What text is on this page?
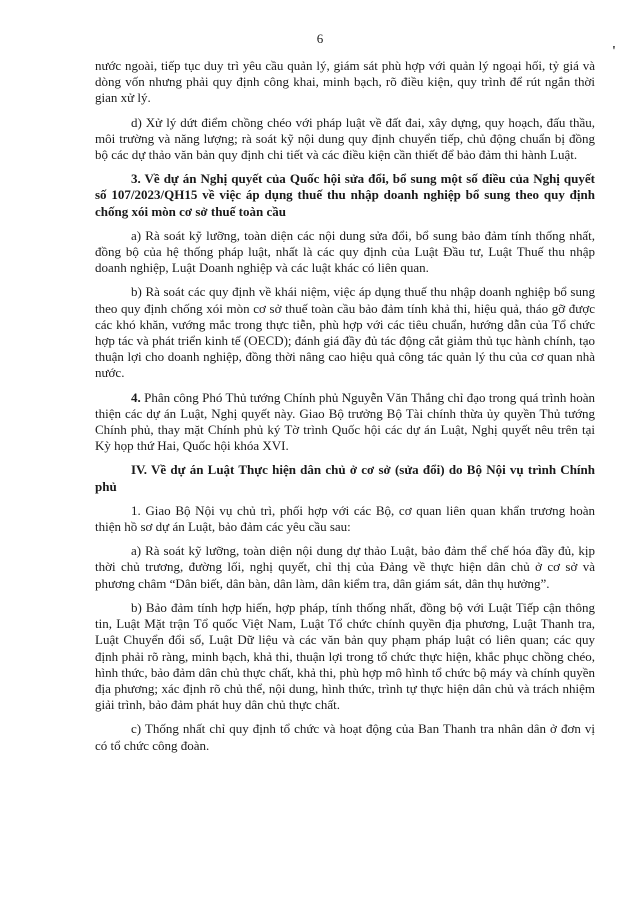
6
'

nước ngoài, tiếp tục duy trì yêu cầu quản lý, giám sát phù hợp với quản lý ngoại hối, tỷ giá và dòng vốn nhưng phải quy định công khai, minh bạch, rõ điều kiện, quy trình để rút ngắn thời gian xử lý.

d) Xử lý dứt điểm chồng chéo với pháp luật về đất đai, xây dựng, quy hoạch, đấu thầu, môi trường và năng lượng; rà soát kỹ nội dung quy định chuyển tiếp, chủ động chuẩn bị đồng bộ các dự thảo văn bản quy định chi tiết và các điều kiện cần thiết để bảo đảm thi hành Luật.

3. Về dự án Nghị quyết của Quốc hội sửa đổi, bổ sung một số điều của Nghị quyết số 107/2023/QH15 về việc áp dụng thuế thu nhập doanh nghiệp bổ sung theo quy định chống xói mòn cơ sở thuế toàn cầu

a) Rà soát kỹ lưỡng, toàn diện các nội dung sửa đổi, bổ sung bảo đảm tính thống nhất, đồng bộ của hệ thống pháp luật, nhất là các quy định của Luật Đầu tư, Luật Thuế thu nhập doanh nghiệp, Luật Doanh nghiệp và các luật khác có liên quan.

b) Rà soát các quy định về khái niệm, việc áp dụng thuế thu nhập doanh nghiệp bổ sung theo quy định chống xói mòn cơ sở thuế toàn cầu bảo đảm tính khả thi, hiệu quả, tháo gỡ được các khó khăn, vướng mắc trong thực tiễn, phù hợp với các tiêu chuẩn, hướng dẫn của Tổ chức hợp tác và phát triển kinh tế (OECD); đánh giá đầy đủ tác động cắt giảm thủ tục hành chính, tạo thuận lợi cho doanh nghiệp, đồng thời nâng cao hiệu quả công tác quản lý thu của cơ quan nhà nước.

4. Phân công Phó Thủ tướng Chính phủ Nguyễn Văn Thắng chỉ đạo trong quá trình hoàn thiện các dự án Luật, Nghị quyết này. Giao Bộ trưởng Bộ Tài chính thừa ủy quyền Thủ tướng Chính phủ, thay mặt Chính phủ ký Tờ trình Quốc hội các dự án Luật, Nghị quyết nêu trên tại Kỳ họp thứ Hai, Quốc hội khóa XVI.

IV. Về dự án Luật Thực hiện dân chủ ở cơ sở (sửa đổi) do Bộ Nội vụ trình Chính phủ

1. Giao Bộ Nội vụ chủ trì, phối hợp với các Bộ, cơ quan liên quan khẩn trương hoàn thiện hồ sơ dự án Luật, bảo đảm các yêu cầu sau:

a) Rà soát kỹ lưỡng, toàn diện nội dung dự thảo Luật, bảo đảm thể chế hóa đầy đủ, kịp thời chủ trương, đường lối, nghị quyết, chỉ thị của Đảng về thực hiện dân chủ ở cơ sở và phương châm “Dân biết, dân bàn, dân làm, dân kiểm tra, dân giám sát, dân thụ hưởng”.

b) Bảo đảm tính hợp hiến, hợp pháp, tính thống nhất, đồng bộ với Luật Tiếp cận thông tin, Luật Mặt trận Tổ quốc Việt Nam, Luật Tổ chức chính quyền địa phương, Luật Thanh tra, Luật Chuyển đổi số, Luật Dữ liệu và các văn bản quy phạm pháp luật có liên quan; các quy định phải rõ ràng, minh bạch, khả thi, thuận lợi trong tổ chức thực hiện, khắc phục chồng chéo, hình thức, bảo đảm dân chủ thực chất, khả thi, phù hợp mô hình tổ chức bộ máy và chính quyền địa phương; xác định rõ chủ thể, nội dung, hình thức, trình tự thực hiện dân chủ và trách nhiệm giải trình, bảo đảm phát huy dân chủ thực chất.

c) Thống nhất chỉ quy định tổ chức và hoạt động của Ban Thanh tra nhân dân ở đơn vị có tổ chức công đoàn.
